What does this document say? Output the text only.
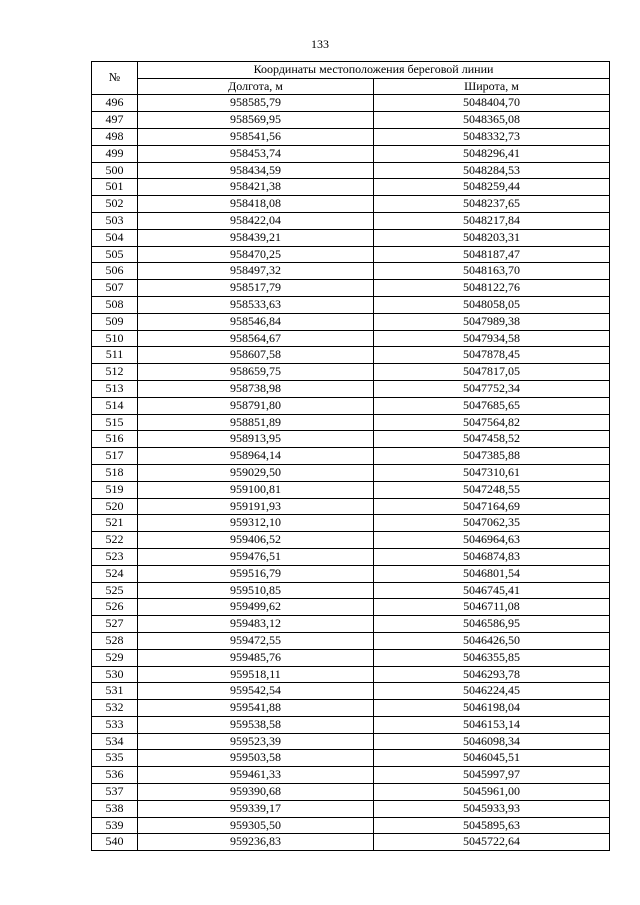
133
№	Координаты местоположения береговой линии	
	Долгота, м	Широта, м
496	958585,79	5048404,70
497	958569,95	5048365,08
498	958541,56	5048332,73
499	958453,74	5048296,41
500	958434,59	5048284,53
501	958421,38	5048259,44
502	958418,08	5048237,65
503	958422,04	5048217,84
504	958439,21	5048203,31
505	958470,25	5048187,47
506	958497,32	5048163,70
507	958517,79	5048122,76
508	958533,63	5048058,05
509	958546,84	5047989,38
510	958564,67	5047934,58
511	958607,58	5047878,45
512	958659,75	5047817,05
513	958738,98	5047752,34
514	958791,80	5047685,65
515	958851,89	5047564,82
516	958913,95	5047458,52
517	958964,14	5047385,88
518	959029,50	5047310,61
519	959100,81	5047248,55
520	959191,93	5047164,69
521	959312,10	5047062,35
522	959406,52	5046964,63
523	959476,51	5046874,83
524	959516,79	5046801,54
525	959510,85	5046745,41
526	959499,62	5046711,08
527	959483,12	5046586,95
528	959472,55	5046426,50
529	959485,76	5046355,85
530	959518,11	5046293,78
531	959542,54	5046224,45
532	959541,88	5046198,04
533	959538,58	5046153,14
534	959523,39	5046098,34
535	959503,58	5046045,51
536	959461,33	5045997,97
537	959390,68	5045961,00
538	959339,17	5045933,93
539	959305,50	5045895,63
540	959236,83	5045722,64
